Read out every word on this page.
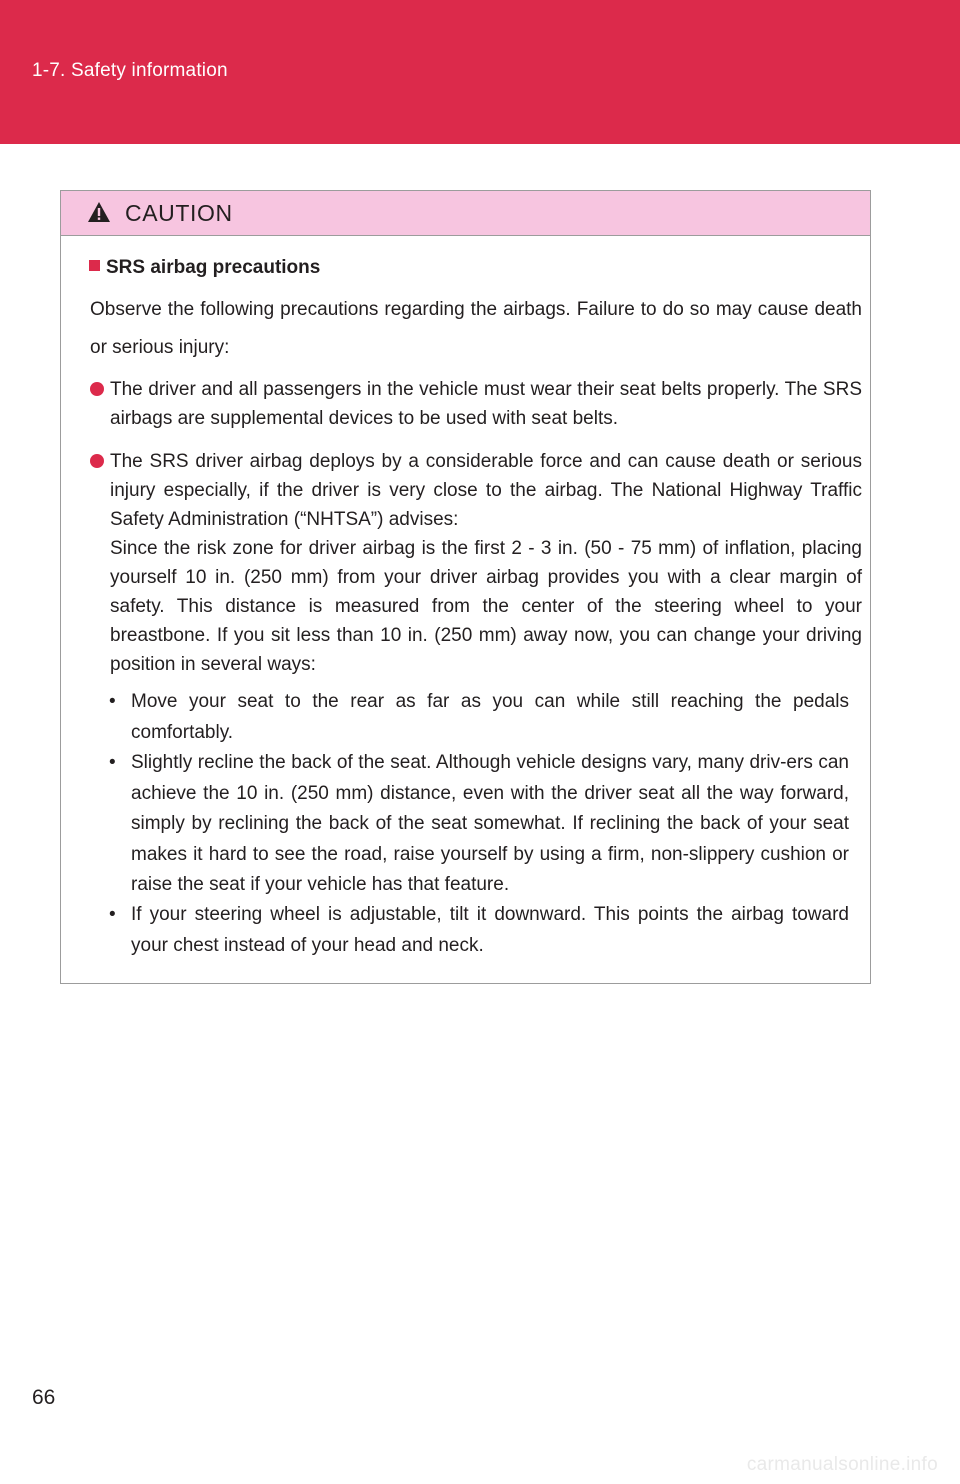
1-7. Safety information
CAUTION
SRS airbag precautions
Observe the following precautions regarding the airbags. Failure to do so may cause death or serious injury:
The driver and all passengers in the vehicle must wear their seat belts properly. The SRS airbags are supplemental devices to be used with seat belts.
The SRS driver airbag deploys by a considerable force and can cause death or serious injury especially, if the driver is very close to the airbag. The National Highway Traffic Safety Administration (“NHTSA”) advises:
Since the risk zone for driver airbag is the first 2 - 3 in. (50 - 75 mm) of inflation, placing yourself 10 in. (250 mm) from your driver airbag provides you with a clear margin of safety. This distance is measured from the center of the steering wheel to your breastbone. If you sit less than 10 in. (250 mm) away now, you can change your driving position in several ways:
• Move your seat to the rear as far as you can while still reaching the pedals comfortably.
• Slightly recline the back of the seat. Although vehicle designs vary, many driv-ers can achieve the 10 in. (250 mm) distance, even with the driver seat all the way forward, simply by reclining the back of the seat somewhat. If reclining the back of your seat makes it hard to see the road, raise yourself by using a firm, non-slippery cushion or raise the seat if your vehicle has that feature.
• If your steering wheel is adjustable, tilt it downward. This points the airbag toward your chest instead of your head and neck.
66
carmanualsonline.info
